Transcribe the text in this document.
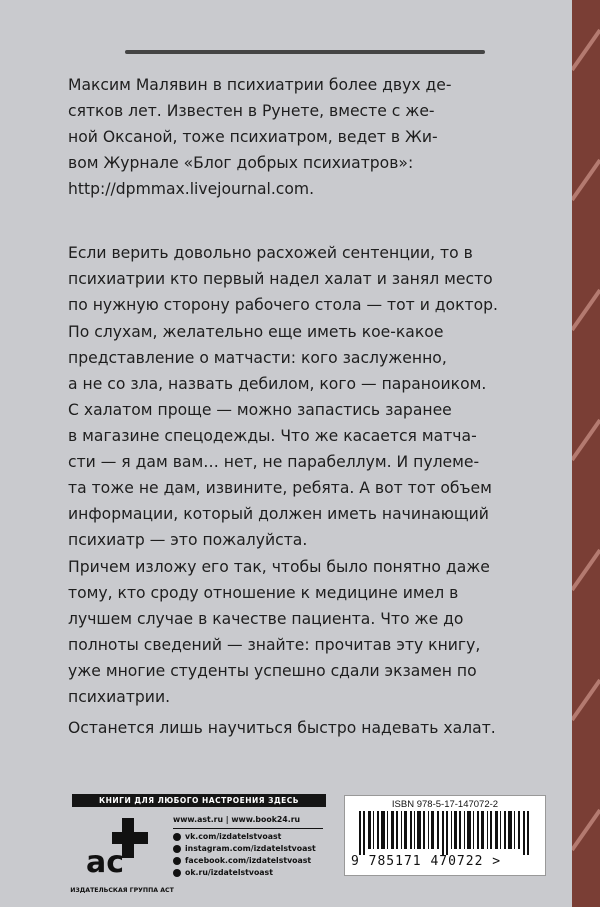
Максим Малявин в психиатрии более двух де-
сятков лет. Известен в Рунете, вместе с же-
ной Оксаной, тоже психиатром, ведет в Жи-
вом Журнале «Блог добрых психиатров»:
http://dpmmax.livejournal.com.
Если верить довольно расхожей сентенции, то в
психиатрии кто первый надел халат и занял место
по нужную сторону рабочего стола — тот и доктор.
По слухам, желательно еще иметь кое-какое
представление о матчасти: кого заслуженно,
а не со зла, назвать дебилом, кого — параноиком.
С халатом проще — можно запастись заранее
в магазине спецодежды. Что же касается матча-
сти — я дам вам… нет, не парабеллум. И пулеме-
та тоже не дам, извините, ребята. А вот тот объем
информации, который должен иметь начинающий
психиатр — это пожалуйста.
Причем изложу его так, чтобы было понятно даже
тому, кто сроду отношение к медицине имел в
лучшем случае в качестве пациента. Что же до
полноты сведений — знайте: прочитав эту книгу,
уже многие студенты успешно сдали экзамен по
психиатрии.
Останется лишь научиться быстро надевать халат.
КНИГИ ДЛЯ ЛЮБОГО НАСТРОЕНИЯ ЗДЕСЬ
ас
ИЗДАТЕЛЬСКАЯ ГРУППА АСТ
www.ast.ru | www.book24.ru
vk.com/izdatelstvoast
instagram.com/izdatelstvoast
facebook.com/izdatelstvoast
ok.ru/izdatelstvoast
ISBN 978-5-17-147072-2
9 785171 470722 >
